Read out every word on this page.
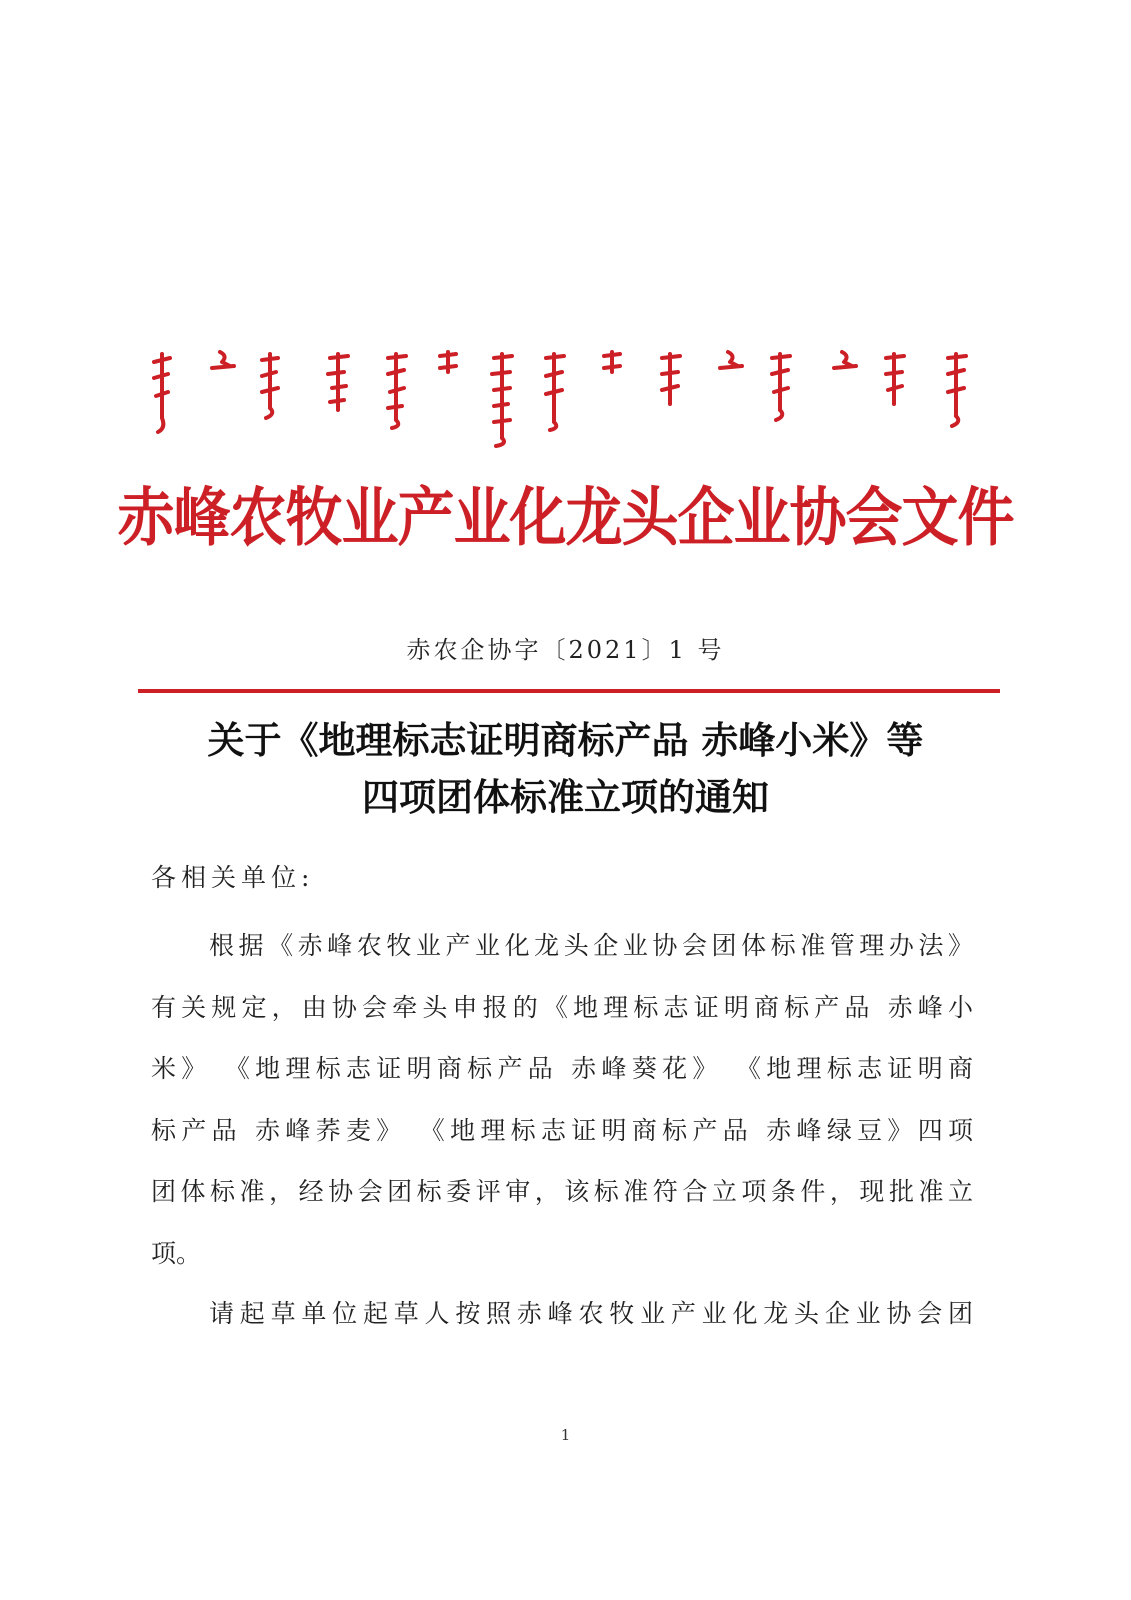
赤峰农牧业产业化龙头企业协会文件
赤农企协字〔2021〕1 号
关于《地理标志证明商标产品 赤峰小米》等
四项团体标准立项的通知
各相关单位:
根据《赤峰农牧业产业化龙头企业协会团体标准管理办法》
有关规定，由协会牵头申报的《地理标志证明商标产品 赤峰小
米》 《地理标志证明商标产品 赤峰葵花》 《地理标志证明商
标产品 赤峰荞麦》 《地理标志证明商标产品 赤峰绿豆》四项
团体标准，经协会团标委评审，该标准符合立项条件，现批准立
项。
请起草单位起草人按照赤峰农牧业产业化龙头企业协会团
1
